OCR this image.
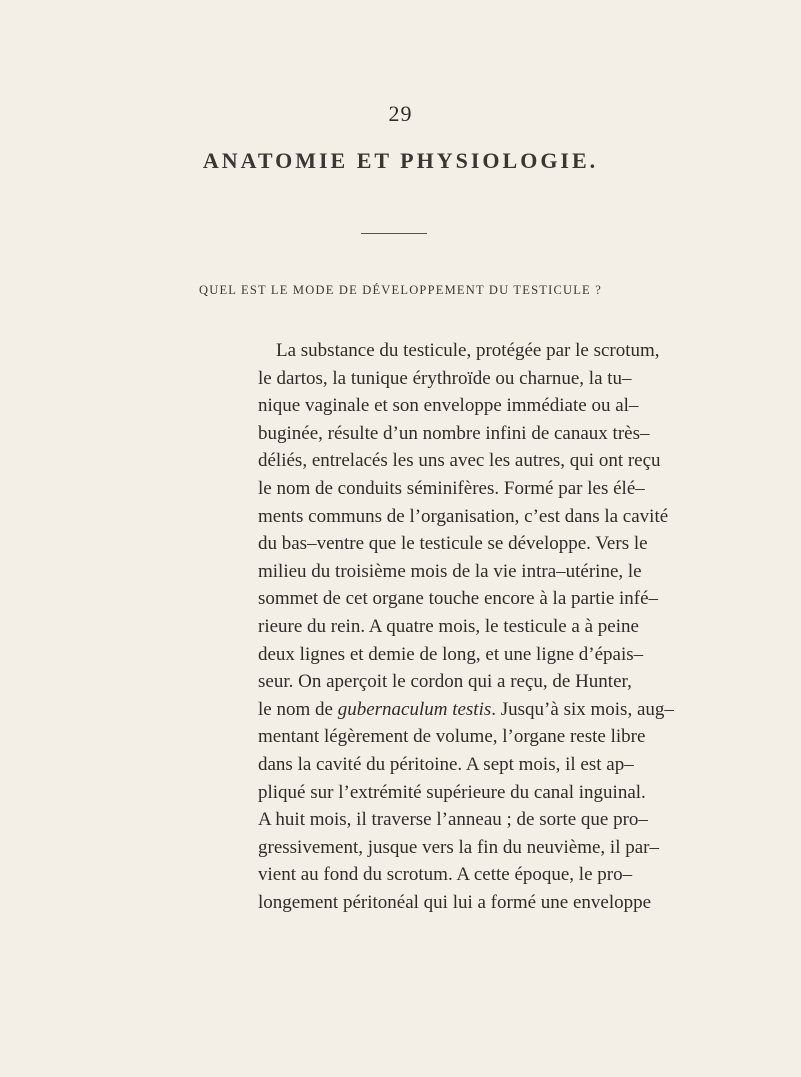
29
ANATOMIE ET PHYSIOLOGIE.
QUEL EST LE MODE DE DÉVELOPPEMENT DU TESTICULE ?
La substance du testicule, protégée par le scrotum,
le dartos, la tunique érythroïde ou charnue, la tu–
nique vaginale et son enveloppe immédiate ou al–
buginée, résulte d’un nombre infini de canaux très–
déliés, entrelacés les uns avec les autres, qui ont reçu
le nom de conduits séminifères. Formé par les élé–
ments communs de l’organisation, c’est dans la cavité
du bas–ventre que le testicule se développe. Vers le
milieu du troisième mois de la vie intra–utérine, le
sommet de cet organe touche encore à la partie infé–
rieure du rein. A quatre mois, le testicule a à peine
deux lignes et demie de long, et une ligne d’épais–
seur. On aperçoit le cordon qui a reçu, de Hunter,
le nom de gubernaculum testis. Jusqu’à six mois, aug–
mentant légèrement de volume, l’organe reste libre
dans la cavité du péritoine. A sept mois, il est ap–
pliqué sur l’extrémité supérieure du canal inguinal.
A huit mois, il traverse l’anneau ; de sorte que pro–
gressivement, jusque vers la fin du neuvième, il par–
vient au fond du scrotum. A cette époque, le pro–
longement péritonéal qui lui a formé une enveloppe
